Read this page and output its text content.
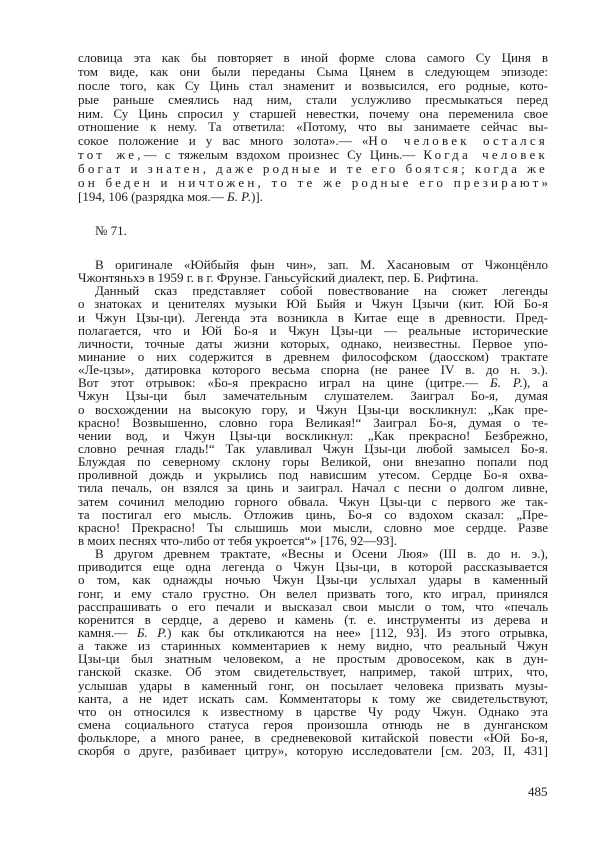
словица эта как бы повторяет в иной форме слова самого Су Циня в
том виде, как они были переданы Сыма Цянем в следующем эпизоде:
после того, как Су Цинь стал знаменит и возвысился, его родные, кото-
рые раньше смеялись над ним, стали услужливо пресмыкаться перед
ним. Су Цинь спросил у старшей невестки, почему она переменила свое
отношение к нему. Та ответила: «Потому, что вы занимаете сейчас вы-
сокое положение и у вас много золота».— «Но человек остался
тот же,— с тяжелым вздохом произнес Су Цинь.— Когда человек
богат и знатен, даже родные и те его боятся; когда же
он беден и ничтожен, то те же родные его презирают»
[194, 106 (разрядка моя.— Б. Р.)].
№ 71.
В оригинале «Юйбыйя фын чин», зап. М. Хасановым от Чжонцёнло
Чжонтяньхэ в 1959 г. в г. Фрунзе. Ганьсуйский диалект, пер. Б. Рифтина.
Данный сказ представляет собой повествование на сюжет легенды
о знатоках и ценителях музыки Юй Быйя и Чжун Цзычи (кит. Юй Бо-я
и Чжун Цзы-ци). Легенда эта возникла в Китае еще в древности. Пред-
полагается, что и Юй Бо-я и Чжун Цзы-ци — реальные исторические
личности, точные даты жизни которых, однако, неизвестны. Первое упо-
минание о них содержится в древнем философском (даосском) трактате
«Ле-цзы», датировка которого весьма спорна (не ранее IV в. до н. э.).
Вот этот отрывок: «Бо-я прекрасно играл на цине (цитре.— Б. Р.), а
Чжун Цзы-ци был замечательным слушателем. Заиграл Бо-я, думая
о восхождении на высокую гору, и Чжун Цзы-ци воскликнул: „Как пре-
красно! Возвышенно, словно гора Великая!“ Заиграл Бо-я, думая о те-
чении вод, и Чжун Цзы-ци воскликнул: „Как прекрасно! Безбрежно,
словно речная гладь!“ Так улавливал Чжун Цзы-ци любой замысел Бо-я.
Блуждая по северному склону горы Великой, они внезапно попали под
проливной дождь и укрылись под нависшим утесом. Сердце Бо-я охва-
тила печаль, он взялся за цинь и заиграл. Начал с песни о долгом ливне,
затем сочинил мелодию горного обвала. Чжун Цзы-ци с первого же так-
та постигал его мысль. Отложив цинь, Бо-я со вздохом сказал: „Пре-
красно! Прекрасно! Ты слышишь мои мысли, словно мое сердце. Разве
в моих песнях что-либо от тебя укроется“» [176, 92—93].
В другом древнем трактате, «Весны и Осени Люя» (III в. до н. э.),
приводится еще одна легенда о Чжун Цзы-ци, в которой рассказывается
о том, как однажды ночью Чжун Цзы-ци услыхал удары в каменный
гонг, и ему стало грустно. Он велел призвать того, кто играл, принялся
расспрашивать о его печали и высказал свои мысли о том, что «печаль
коренится в сердце, а дерево и камень (т. е. инструменты из дерева и
камня.— Б. Р.) как бы откликаются на нее» [112, 93]. Из этого отрывка,
а также из старинных комментариев к нему видно, что реальный Чжун
Цзы-ци был знатным человеком, а не простым дровосеком, как в дун-
ганской сказке. Об этом свидетельствует, например, такой штрих, что,
услышав удары в каменный гонг, он посылает человека призвать музы-
канта, а не идет искать сам. Комментаторы к тому же свидетельствуют,
что он относился к известному в царстве Чу роду Чжун. Однако эта
смена социального статуса героя произошла отнюдь не в дунганском
фольклоре, а много ранее, в средневековой китайской повести «Юй Бо-я,
скорбя о друге, разбивает цитру», которую исследователи [см. 203, II, 431]
485
